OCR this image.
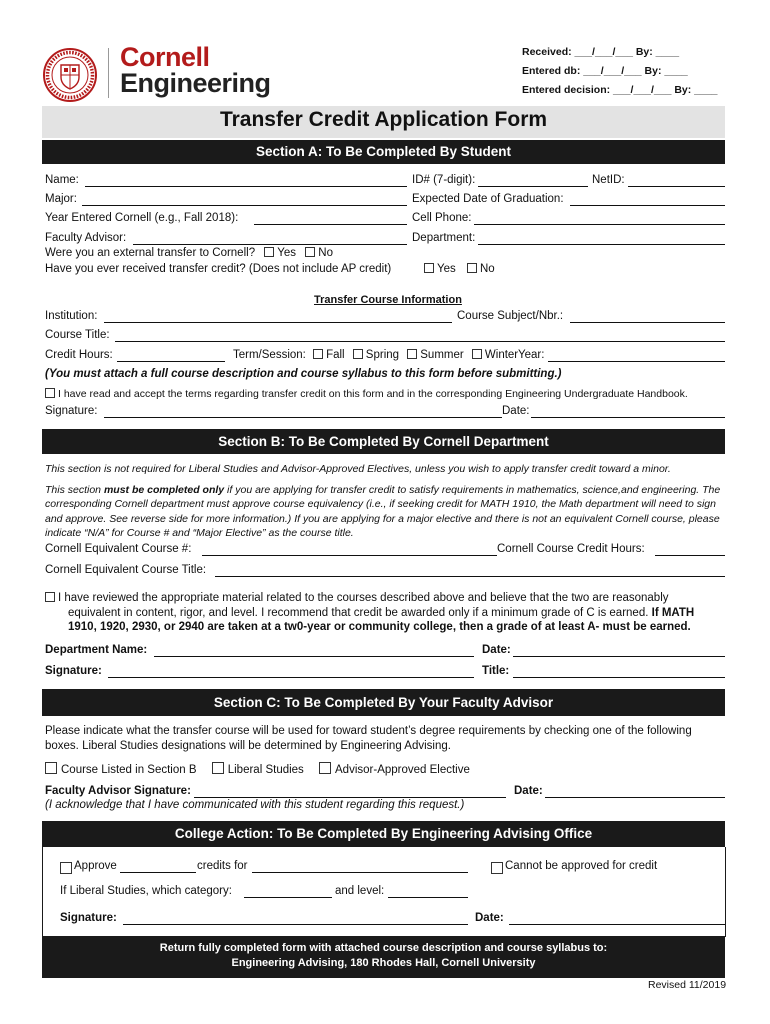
Cornell
Engineering
Received: ___/___/___ By: ____
Entered db: ___/___/___ By: ____
Entered decision: ___/___/___ By: ____
Transfer Credit Application Form
Section A: To Be Completed By Student
Name:	ID# (7-digit):	NetID:
Major:	Expected Date of Graduation:
Year Entered Cornell (e.g., Fall 2018):	Cell Phone:
Faculty Advisor:	Department:
Were you an external transfer to Cornell? Yes No
Have you ever received transfer credit? (Does not include AP credit)	Yes No
Transfer Course Information
Institution:	Course Subject/Nbr.:
Course Title:
Credit Hours:	Term/Session: Fall Spring Summer Winter Year:
(You must attach a full course description and course syllabus to this form before submitting.)
I have read and accept the terms regarding transfer credit on this form and in the corresponding Engineering Undergraduate Handbook.
Signature:	Date:
Section B: To Be Completed By Cornell Department
This section is not required for Liberal Studies and Advisor-Approved Electives, unless you wish to apply transfer credit toward a minor.
This section must be completed only if you are applying for transfer credit to satisfy requirements in mathematics, science,and engineering. The corresponding Cornell department must approve course equivalency (i.e., if seeking credit for MATH 1910, the Math department will need to sign and approve. See reverse side for more information.) If you are applying for a major elective and there is not an equivalent Cornell course, please indicate “N/A” for Course # and “Major Elective” as the course title.
Cornell Equivalent Course #:	Cornell Course Credit Hours:
Cornell Equivalent Course Title:
I have reviewed the appropriate material related to the courses described above and believe that the two are reasonably
equivalent in content, rigor, and level. I recommend that credit be awarded only if a minimum grade of C is earned. If MATH
1910, 1920, 2930, or 2940 are taken at a tw0-year or community college, then a grade of at least A- must be earned.
Department Name:	Date:
Signature:	Title:
Section C: To Be Completed By Your Faculty Advisor
Please indicate what the transfer course will be used for toward student’s degree requirements by checking one of the following
boxes. Liberal Studies designations will be determined by Engineering Advising.
Course Listed in Section B	Liberal Studies	Advisor-Approved Elective
Faculty Advisor Signature:	Date:
(I acknowledge that I have communicated with this student regarding this request.)
College Action: To Be Completed By Engineering Advising Office
Approve	credits for	Cannot be approved for credit
If Liberal Studies, which category:	and level:
Signature:	Date:
Return fully completed form with attached course description and course syllabus to:
Engineering Advising, 180 Rhodes Hall, Cornell University
Revised 11/2019
